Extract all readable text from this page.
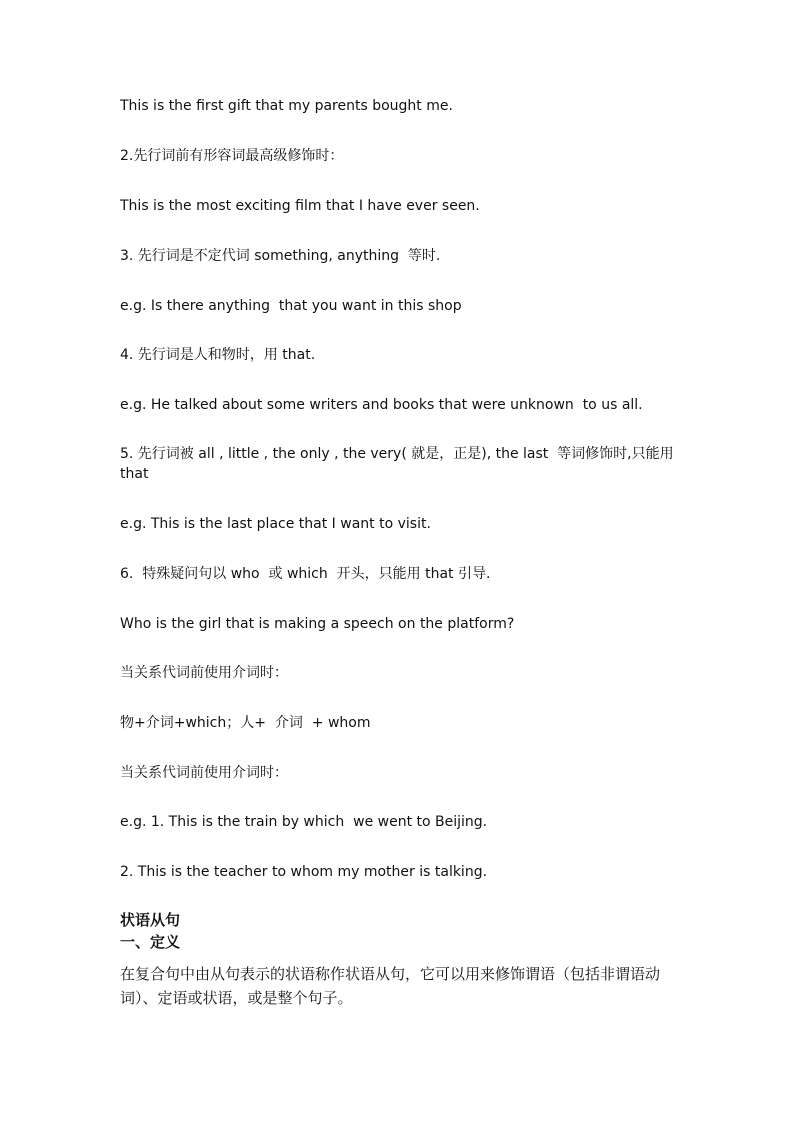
This is the first gift that my parents bought me.
2.先行词前有形容词最高级修饰时：
This is the most exciting film that I have ever seen.
3. 先行词是不定代词 something, anything  等时.
e.g. Is there anything  that you want in this shop
4. 先行词是人和物时，用 that.
e.g. He talked about some writers and books that were unknown  to us all.
5. 先行词被 all , little , the only , the very( 就是，正是), the last  等词修饰时,只能用 that
e.g. This is the last place that I want to visit.
6.  特殊疑问句以 who  或 which  开头，只能用 that 引导.
Who is the girl that is making a speech on the platform?
当关系代词前使用介词时：
物+介词+which；人+  介词  + whom
当关系代词前使用介词时：
e.g. 1. This is the train by which  we went to Beijing.
2. This is the teacher to whom my mother is talking.
状语从句
一、定义
在复合句中由从句表示的状语称作状语从句，它可以用来修饰谓语（包括非谓语动词）、定语或状语，或是整个句子。
